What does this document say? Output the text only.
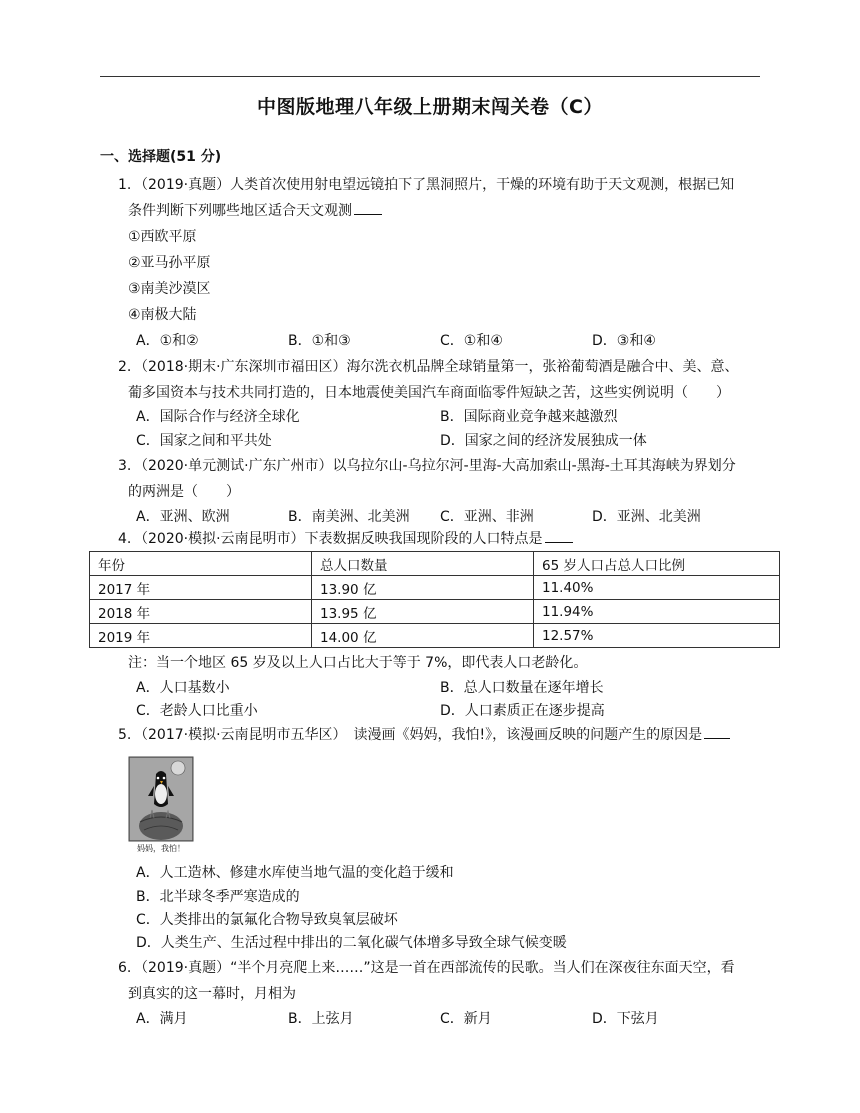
中图版地理八年级上册期末闯关卷（C）
一、选择题(51 分)
1. （2019·真题）人类首次使用射电望远镜拍下了黑洞照片，干燥的环境有助于天文观测，根据已知
条件判断下列哪些地区适合天文观测
①西欧平原
②亚马孙平原
③南美沙漠区
④南极大陆
A．①和②	B．①和③	C．①和④	D．③和④
2. （2018·期末·广东深圳市福田区）海尔洗衣机品牌全球销量第一，张裕葡萄酒是融合中、美、意、
葡多国资本与技术共同打造的，日本地震使美国汽车商面临零件短缺之苦，这些实例说明（　　）
A．国际合作与经济全球化	B．国际商业竞争越来越激烈
C．国家之间和平共处	D．国家之间的经济发展独成一体
3. （2020·单元测试·广东广州市）以乌拉尔山-乌拉尔河-里海-大高加索山-黑海-土耳其海峡为界划分
的两洲是（　　）
A．亚洲、欧洲	B．南美洲、北美洲 C．亚洲、非洲	D．亚洲、北美洲
4. （2020·模拟·云南昆明市）下表数据反映我国现阶段的人口特点是
年份	总人口数量	65 岁人口占总人口比例
2017 年	13.90 亿	11.40%
2018 年	13.95 亿	11.94%
2019 年	14.00 亿	12.57%
注：当一个地区 65 岁及以上人口占比大于等于 7%，即代表人口老龄化。
A．人口基数小	B．总人口数量在逐年增长
C．老龄人口比重小	D．人口素质正在逐步提高
5. （2017·模拟·云南昆明市五华区）　读漫画《妈妈，我怕!》，该漫画反映的问题产生的原因是
妈妈，我怕！
A．人工造林、修建水库使当地气温的变化趋于缓和
B．北半球冬季严寒造成的
C．人类排出的氯氟化合物导致臭氧层破坏
D．人类生产、生活过程中排出的二氧化碳气体增多导致全球气候变暖
6. （2019·真题）“半个月亮爬上来……”这是一首在西部流传的民歌。当人们在深夜往东面天空，看
到真实的这一幕时，月相为
A．满月	B．上弦月	C．新月	D．下弦月
